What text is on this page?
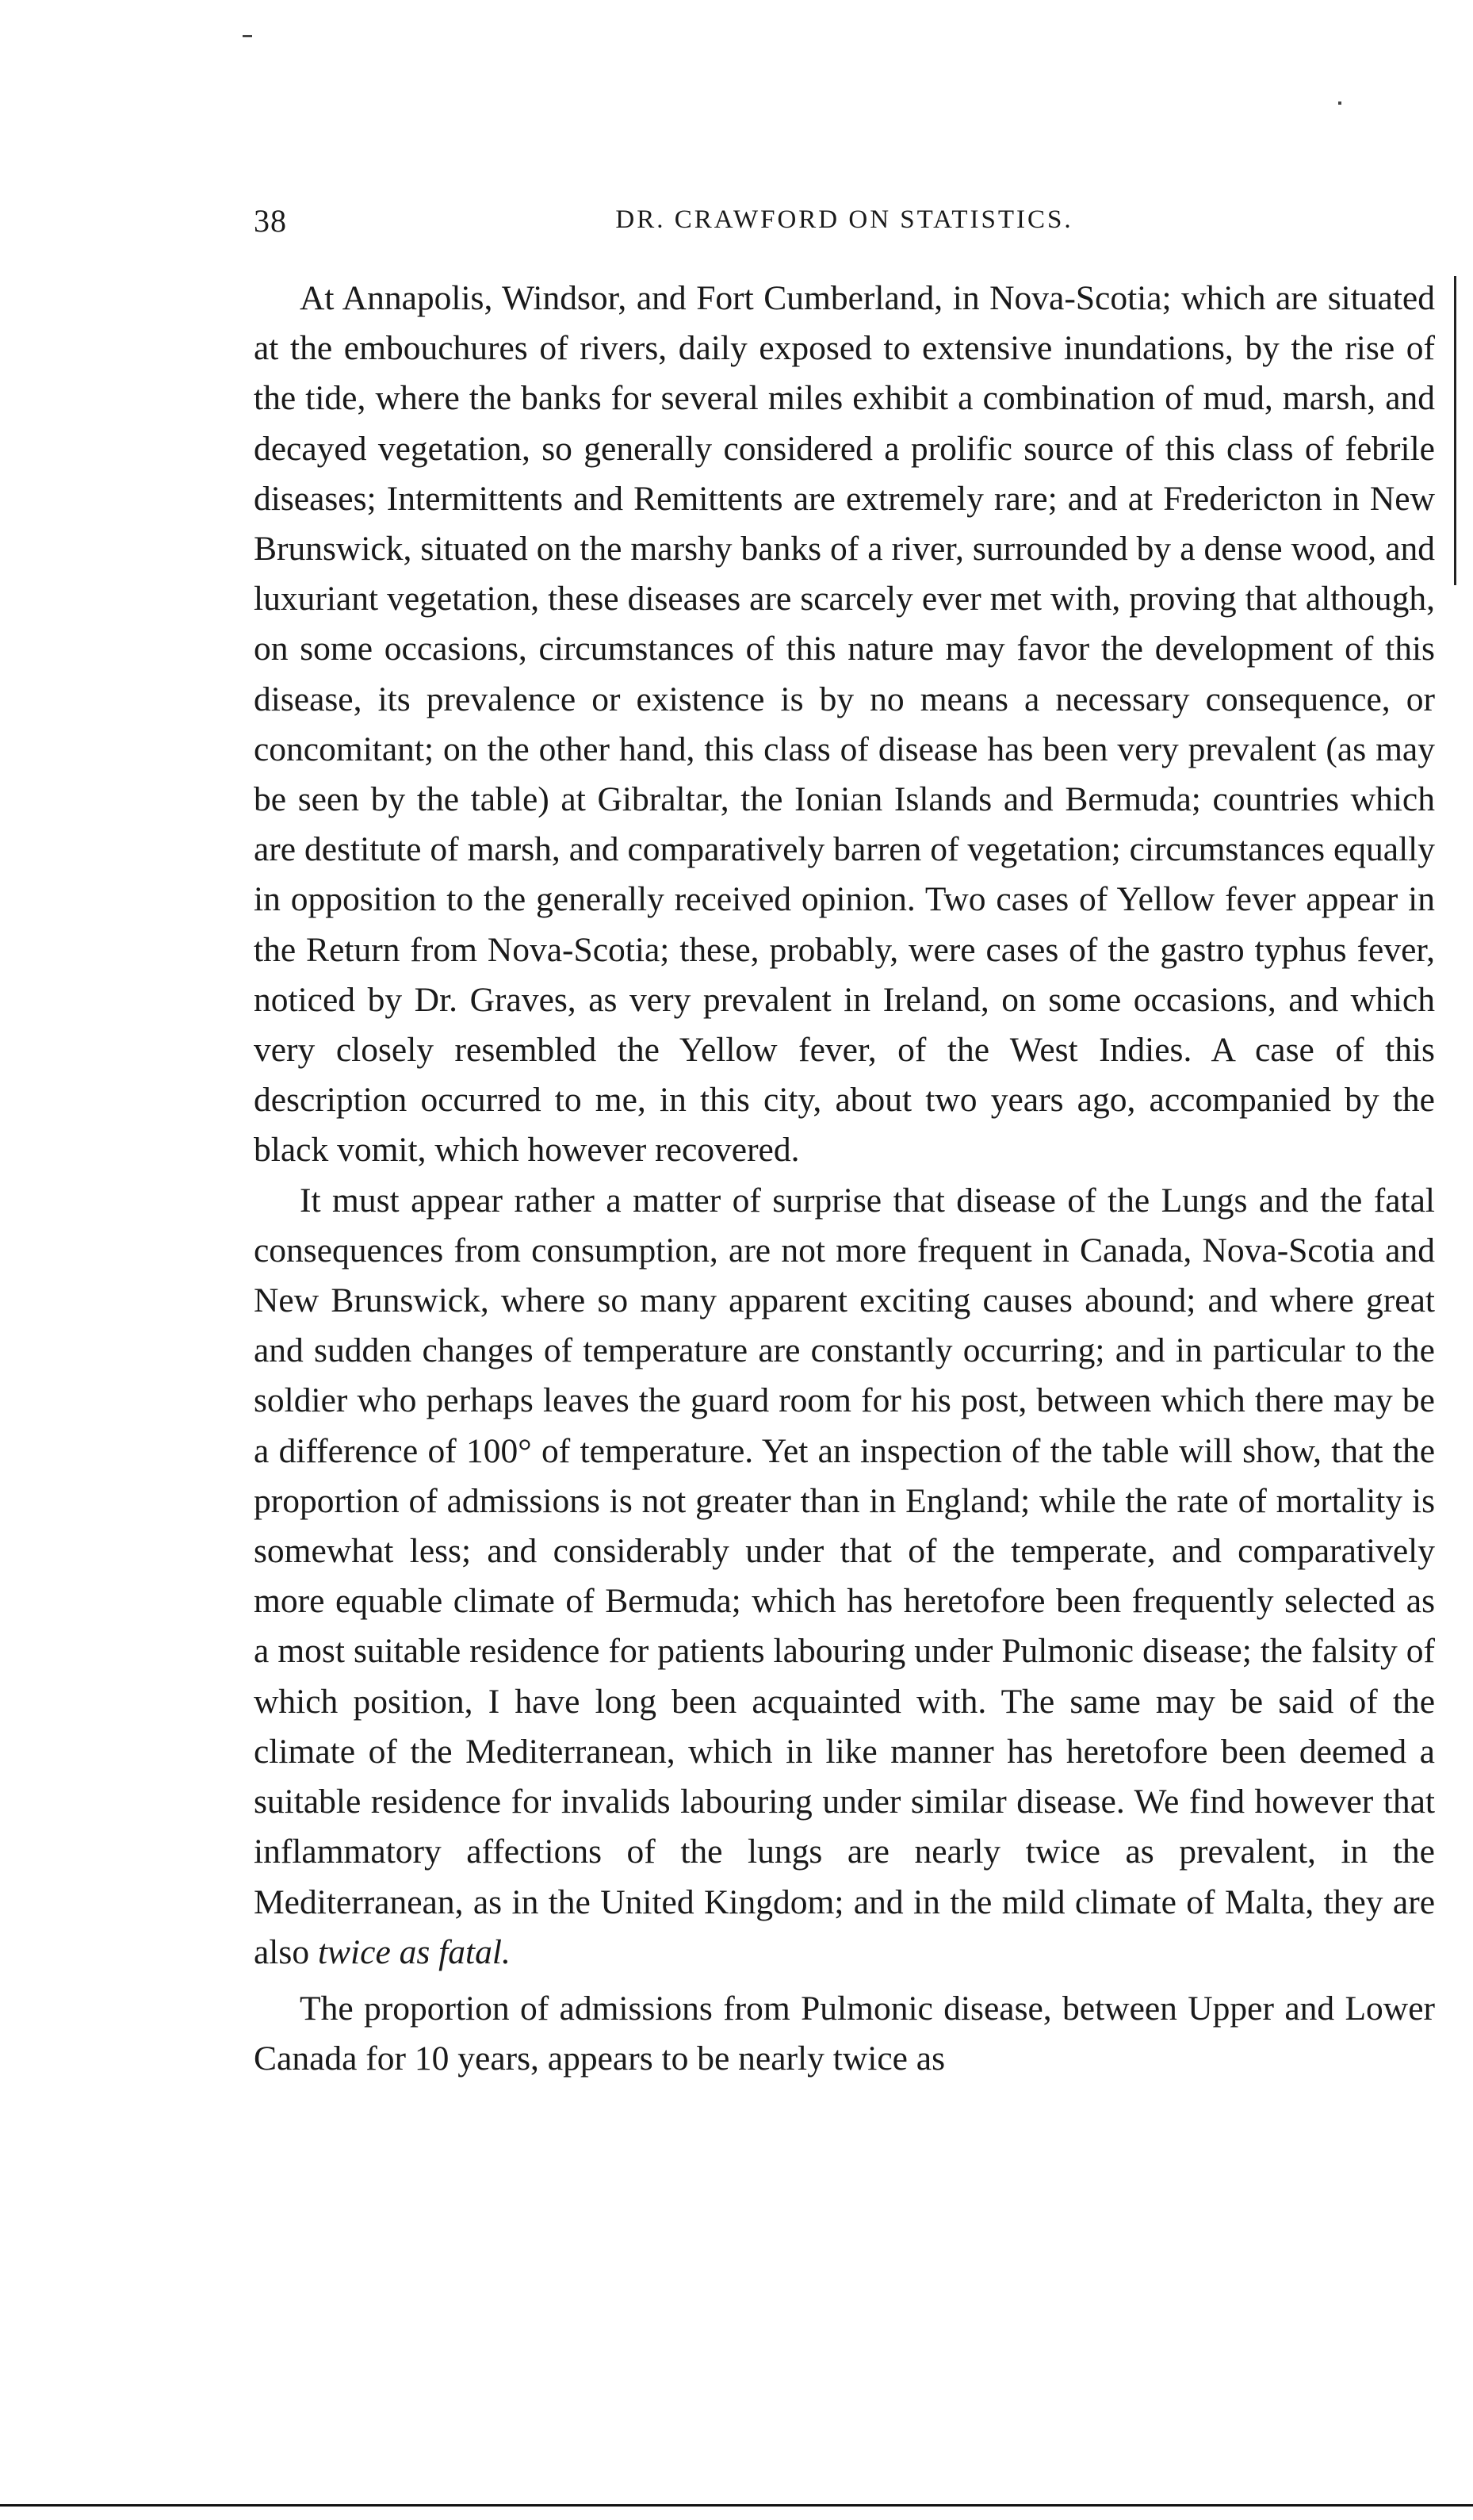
38	DR. CRAWFORD ON STATISTICS.

At Annapolis, Windsor, and Fort Cumberland, in Nova-Scotia; which are situated at the embouchures of rivers, daily exposed to extensive inundations, by the rise of the tide, where the banks for several miles exhibit a combination of mud, marsh, and decayed vegetation, so generally considered a prolific source of this class of febrile diseases; Intermittents and Remittents are extremely rare; and at Fredericton in New Brunswick, situated on the marshy banks of a river, surrounded by a dense wood, and luxuriant vegetation, these diseases are scarcely ever met with, proving that although, on some occasions, circumstances of this nature may favor the development of this disease, its prevalence or existence is by no means a necessary consequence, or concomitant; on the other hand, this class of disease has been very prevalent (as may be seen by the table) at Gibraltar, the Ionian Islands and Bermuda; countries which are destitute of marsh, and comparatively barren of vegetation; circumstances equally in opposition to the generally received opinion. Two cases of Yellow fever appear in the Return from Nova-Scotia; these, probably, were cases of the gastro typhus fever, noticed by Dr. Graves, as very prevalent in Ireland, on some occasions, and which very closely resembled the Yellow fever, of the West Indies. A case of this description occurred to me, in this city, about two years ago, accompanied by the black vomit, which however recovered.

It must appear rather a matter of surprise that disease of the Lungs and the fatal consequences from consumption, are not more frequent in Canada, Nova-Scotia and New Brunswick, where so many apparent exciting causes abound; and where great and sudden changes of temperature are constantly occurring; and in particular to the soldier who perhaps leaves the guard room for his post, between which there may be a difference of 100° of temperature. Yet an inspection of the table will show, that the proportion of admissions is not greater than in England; while the rate of mortality is somewhat less; and considerably under that of the temperate, and comparatively more equable climate of Bermuda; which has heretofore been frequently selected as a most suitable residence for patients labouring under Pulmonic disease; the falsity of which position, I have long been acquainted with. The same may be said of the climate of the Mediterranean, which in like manner has heretofore been deemed a suitable residence for invalids labouring under similar disease. We find however that inflammatory affections of the lungs are nearly twice as prevalent, in the Mediterranean, as in the United Kingdom; and in the mild climate of Malta, they are also twice as fatal.

The proportion of admissions from Pulmonic disease, between Upper and Lower Canada for 10 years, appears to be nearly twice as
